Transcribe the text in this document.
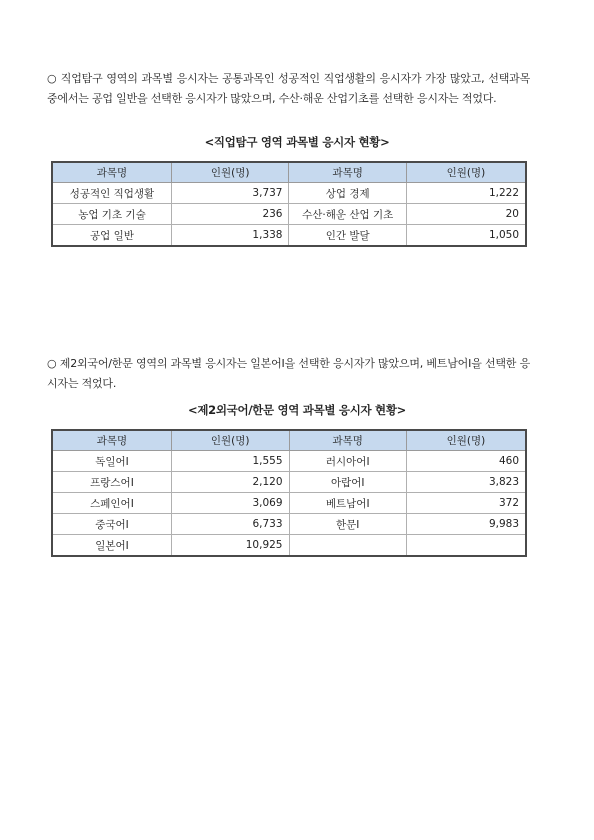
○ 직업탐구 영역의 과목별 응시자는 공통과목인 성공적인 직업생활의 응시자가 가장 많았고, 선택과목 중에서는 공업 일반을 선택한 응시자가 많았으며, 수산·해운 산업기초를 선택한 응시자는 적었다.

<직업탐구 영역 과목별 응시자 현황>
과목명	인원(명)	과목명	인원(명)
성공적인 직업생활	3,737	상업 경제	1,222
농업 기초 기술	236	수산·해운 산업 기초	20
공업 일반	1,338	인간 발달	1,050

○ 제2외국어/한문 영역의 과목별 응시자는 일본어Ⅰ을 선택한 응시자가 많았으며, 베트남어Ⅰ을 선택한 응시자는 적었다.

<제2외국어/한문 영역 과목별 응시자 현황>
과목명	인원(명)	과목명	인원(명)
독일어Ⅰ	1,555	러시아어Ⅰ	460
프랑스어Ⅰ	2,120	아랍어Ⅰ	3,823
스페인어Ⅰ	3,069	베트남어Ⅰ	372
중국어Ⅰ	6,733	한문Ⅰ	9,983
일본어Ⅰ	10,925		
